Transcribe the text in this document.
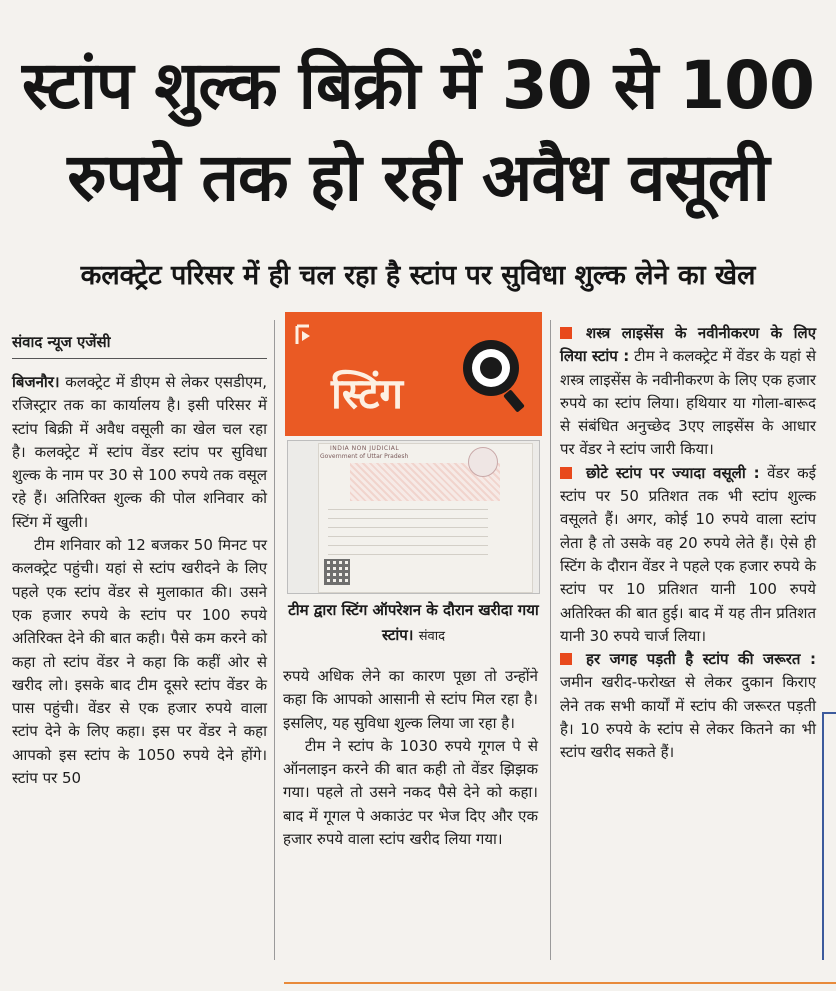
स्टांप शुल्क बिक्री में 30 से 100
रुपये तक हो रही अवैध वसूली
कलक्ट्रेट परिसर में ही चल रहा है स्टांप पर सुविधा शुल्क लेने का खेल
संवाद न्यूज एजेंसी

बिजनौर। कलक्ट्रेट में डीएम से लेकर एसडीएम, रजिस्ट्रार तक का कार्यालय है। इसी परिसर में स्टांप बिक्री में अवैध वसूली का खेल चल रहा है। कलक्ट्रेट में स्टांप वेंडर स्टांप पर सुविधा शुल्क के नाम पर 30 से 100 रुपये तक वसूल रहे हैं। अतिरिक्त शुल्क की पोल शनिवार को स्टिंग में खुली।

टीम शनिवार को 12 बजकर 50 मिनट पर कलक्ट्रेट पहुंची। यहां से स्टांप खरीदने के लिए पहले एक स्टांप वेंडर से मुलाकात की। उसने एक हजार रुपये के स्टांप पर 100 रुपये अतिरिक्त देने की बात कही। पैसे कम करने को कहा तो स्टांप वेंडर ने कहा कि कहीं ओर से खरीद लो। इसके बाद टीम दूसरे स्टांप वेंडर के पास पहुंची। वेंडर से एक हजार रुपये वाला स्टांप देने के लिए कहा। इस पर वेंडर ने कहा आपको इस स्टांप के 1050 रुपये देने होंगे। स्टांप पर 50

स्टिंग
INDIA NON JUDICIAL
Government of Uttar Pradesh
टीम द्वारा स्टिंग ऑपरेशन के दौरान खरीदा गया स्टांप। संवाद

रुपये अधिक लेने का कारण पूछा तो उन्होंने कहा कि आपको आसानी से स्टांप मिल रहा है। इसलिए, यह सुविधा शुल्क लिया जा रहा है।

टीम ने स्टांप के 1030 रुपये गूगल पे से ऑनलाइन करने की बात कही तो वेंडर झिझक गया। पहले तो उसने नकद पैसे देने को कहा। बाद में गूगल पे अकाउंट पर भेज दिए और एक हजार रुपये वाला स्टांप खरीद लिया गया।

शस्त्र लाइसेंस के नवीनीकरण के लिए लिया स्टांप : टीम ने कलक्ट्रेट में वेंडर के यहां से शस्त्र लाइसेंस के नवीनीकरण के लिए एक हजार रुपये का स्टांप लिया। हथियार या गोला-बारूद से संबंधित अनुच्छेद 3एए लाइसेंस के आधार पर वेंडर ने स्टांप जारी किया।

छोटे स्टांप पर ज्यादा वसूली : वेंडर कई स्टांप पर 50 प्रतिशत तक भी स्टांप शुल्क वसूलते हैं। अगर, कोई 10 रुपये वाला स्टांप लेता है तो उसके वह 20 रुपये लेते हैं। ऐसे ही स्टिंग के दौरान वेंडर ने पहले एक हजार रुपये के स्टांप पर 10 प्रतिशत यानी 100 रुपये अतिरिक्त की बात हुई। बाद में यह तीन प्रतिशत यानी 30 रुपये चार्ज लिया।

हर जगह पड़ती है स्टांप की जरूरत : जमीन खरीद-फरोख्त से लेकर दुकान किराए लेने तक सभी कार्यों में स्टांप की जरूरत पड़ती है। 10 रुपये के स्टांप से लेकर कितने का भी स्टांप खरीद सकते हैं।
